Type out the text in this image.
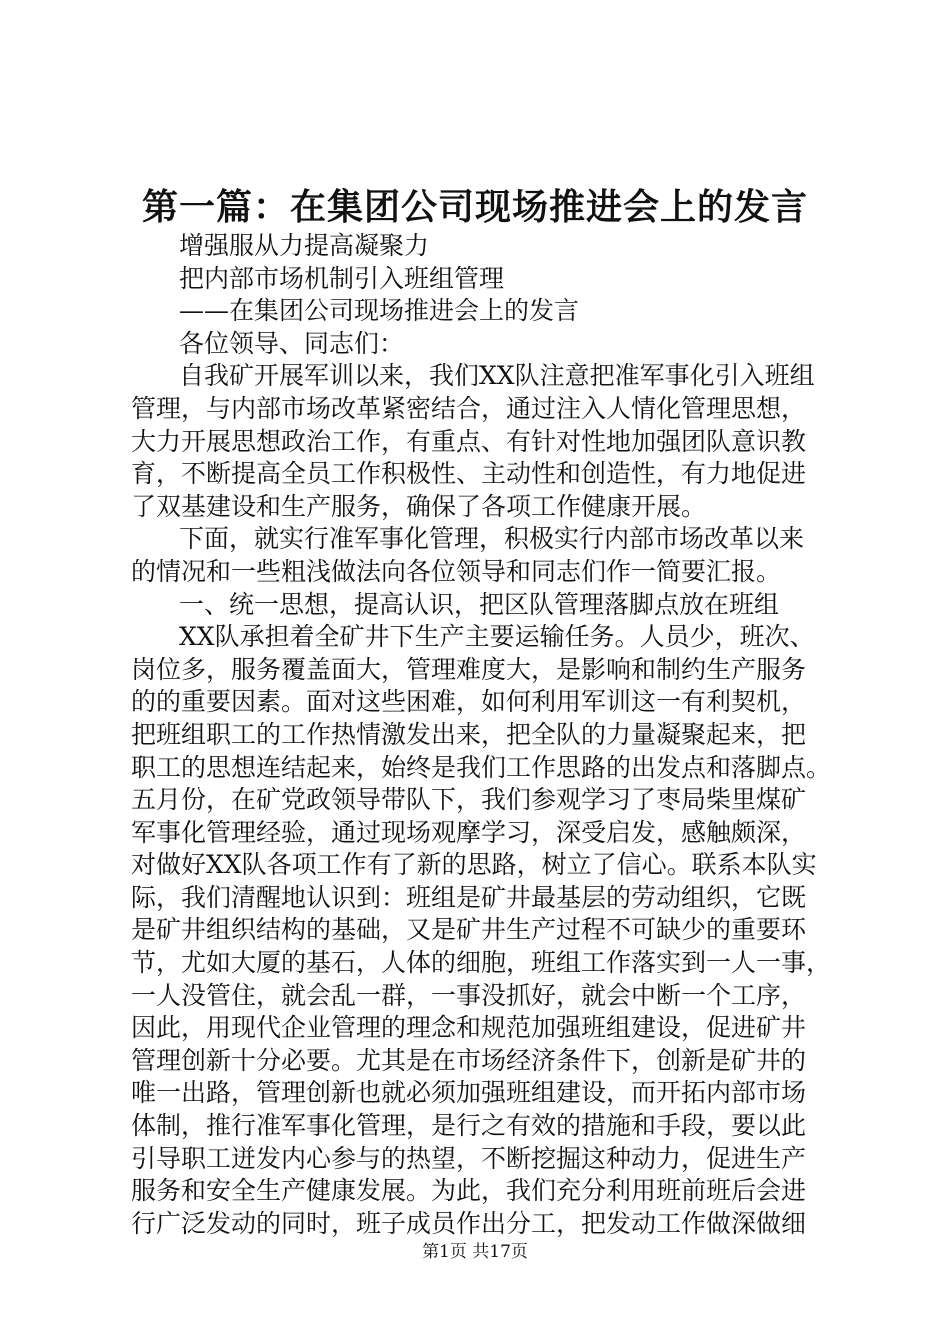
第一篇：在集团公司现场推进会上的发言
增强服从力提高凝聚力
把内部市场机制引入班组管理
——在集团公司现场推进会上的发言
各位领导、同志们：
自我矿开展军训以来，我们XX队注意把准军事化引入班组
管理，与内部市场改革紧密结合，通过注入人情化管理思想，
大力开展思想政治工作，有重点、有针对性地加强团队意识教
育，不断提高全员工作积极性、主动性和创造性，有力地促进
了双基建设和生产服务，确保了各项工作健康开展。
下面，就实行准军事化管理，积极实行内部市场改革以来
的情况和一些粗浅做法向各位领导和同志们作一简要汇报。
一、统一思想，提高认识，把区队管理落脚点放在班组
XX队承担着全矿井下生产主要运输任务。人员少，班次、
岗位多，服务覆盖面大，管理难度大，是影响和制约生产服务
的的重要因素。面对这些困难，如何利用军训这一有利契机，
把班组职工的工作热情激发出来，把全队的力量凝聚起来，把
职工的思想连结起来，始终是我们工作思路的出发点和落脚点。
五月份，在矿党政领导带队下，我们参观学习了枣局柴里煤矿
军事化管理经验，通过现场观摩学习，深受启发，感触颇深，
对做好XX队各项工作有了新的思路，树立了信心。联系本队实
际，我们清醒地认识到：班组是矿井最基层的劳动组织，它既
是矿井组织结构的基础，又是矿井生产过程不可缺少的重要环
节，尤如大厦的基石，人体的细胞，班组工作落实到一人一事，
一人没管住，就会乱一群，一事没抓好，就会中断一个工序，
因此，用现代企业管理的理念和规范加强班组建设，促进矿井
管理创新十分必要。尤其是在市场经济条件下，创新是矿井的
唯一出路，管理创新也就必须加强班组建设，而开拓内部市场
体制，推行准军事化管理，是行之有效的措施和手段，要以此
引导职工迸发内心参与的热望，不断挖掘这种动力，促进生产
服务和安全生产健康发展。为此，我们充分利用班前班后会进
行广泛发动的同时，班子成员作出分工，把发动工作做深做细
第1页 共17页
